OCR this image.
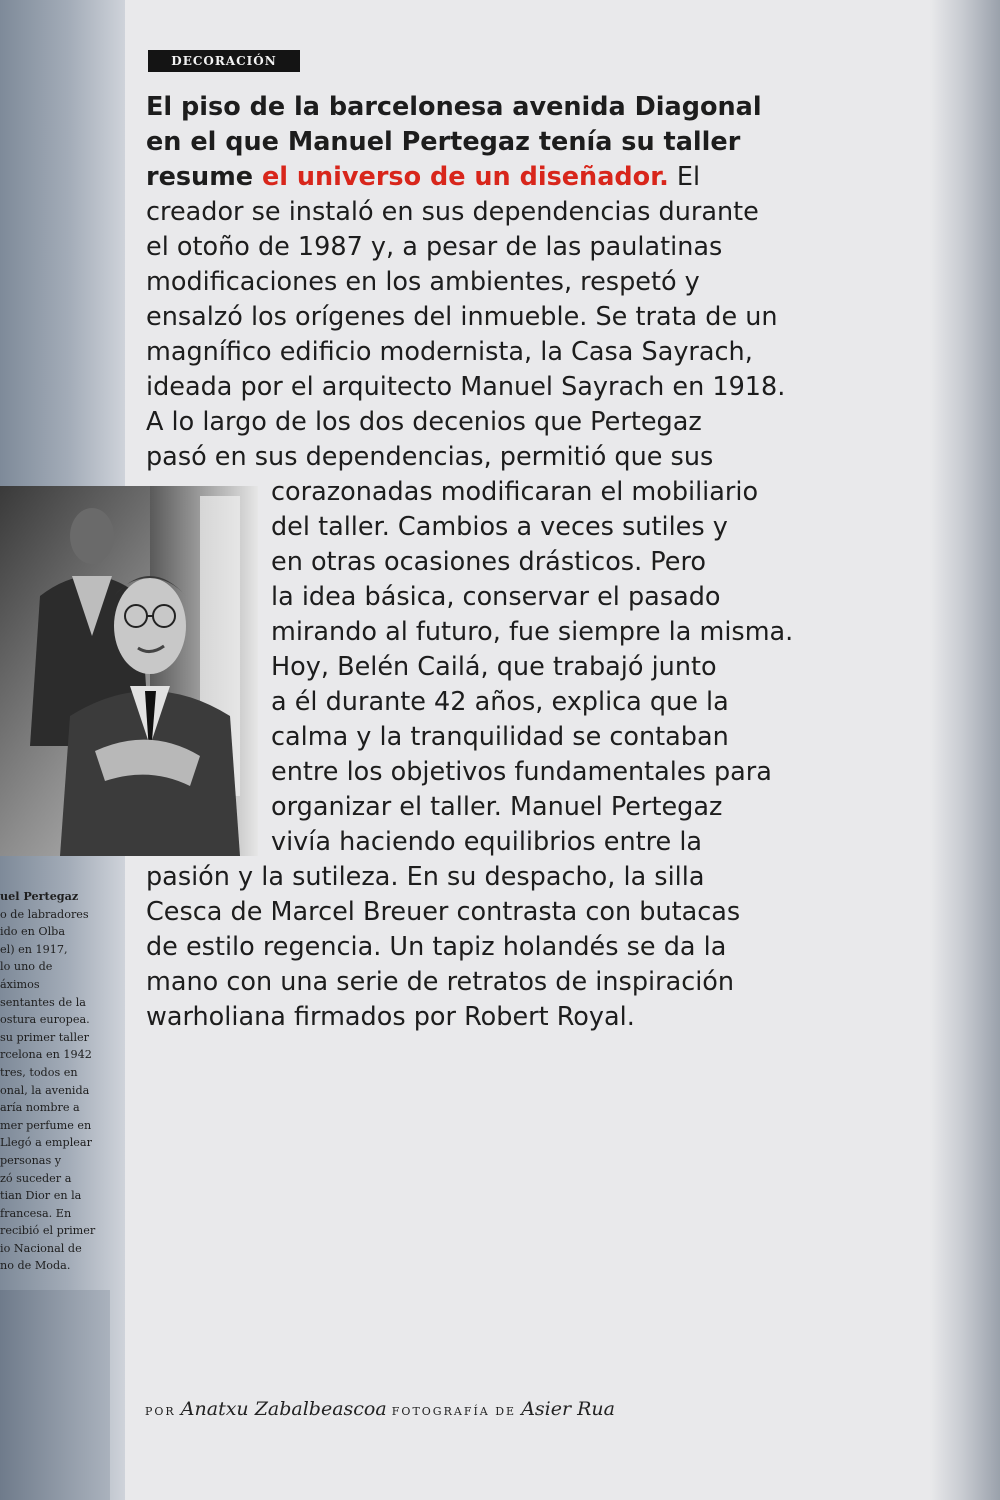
DECORACIÓN
El piso de la barcelonesa avenida Diagonal
en el que Manuel Pertegaz tenía su taller
resume el universo de un diseñador. El
creador se instaló en sus dependencias durante
el otoño de 1987 y, a pesar de las paulatinas
modificaciones en los ambientes, respetó y
ensalzó los orígenes del inmueble. Se trata de un
magnífico edificio modernista, la Casa Sayrach,
ideada por el arquitecto Manuel Sayrach en 1918.
A lo largo de los dos decenios que Pertegaz
pasó en sus dependencias, permitió que sus
corazonadas modificaran el mobiliario
del taller. Cambios a veces sutiles y
en otras ocasiones drásticos. Pero
la idea básica, conservar el pasado
mirando al futuro, fue siempre la misma.
Hoy, Belén Cailá, que trabajó junto
a él durante 42 años, explica que la
calma y la tranquilidad se contaban
entre los objetivos fundamentales para
organizar el taller. Manuel Pertegaz
vivía haciendo equilibrios entre la
pasión y la sutileza. En su despacho, la silla
Cesca de Marcel Breuer contrasta con butacas
de estilo regencia. Un tapiz holandés se da la
mano con una serie de retratos de inspiración
warholiana firmados por Robert Royal.
uel Pertegaz
o de labradores
ido en Olba
el) en 1917,
lo uno de
áximos
sentantes de la
ostura europea.
su primer taller
rcelona en 1942
tres, todos en
onal, la avenida
aría nombre a
mer perfume en
Llegó a emplear
personas y
zó suceder a
tian Dior en la
francesa. En
recibió el primer
io Nacional de
no de Moda.
POR Anatxu Zabalbeascoa FOTOGRAFÍA DE Asier Rua
